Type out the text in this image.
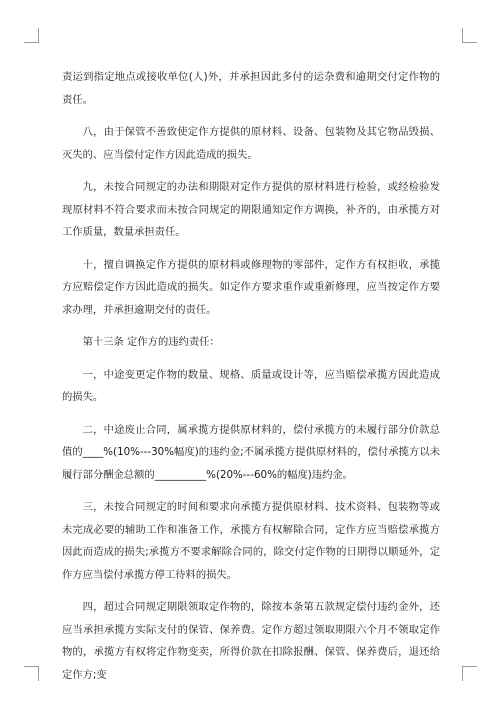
责运到指定地点或接收单位(人)外，并承担因此多付的运杂费和逾期交付定作物的责任。

八，由于保管不善致使定作方提供的原材料、设备、包装物及其它物品毁损、灭失的、应当偿付定作方因此造成的损失。

九，未按合同规定的办法和期限对定作方提供的原材料进行检验，或经检验发现原材料不符合要求而未按合同规定的期限通知定作方调换，补齐的，由承揽方对工作质量，数量承担责任。

十，擅自调换定作方提供的原材料或修理物的零部件，定作方有权拒收，承揽方应赔偿定作方因此造成的损失。如定作方要求重作或重新修理，应当按定作方要求办理，并承担逾期交付的责任。

第十三条 定作方的违约责任：

一，中途变更定作物的数量、规格、质量或设计等，应当赔偿承揽方因此造成的损失。

二，中途废止合同，属承揽方提供原材料的，偿付承揽方的未履行部分价款总值的____%(10%---30%幅度)的违约金;不属承揽方提供原材料的，偿付承揽方以未履行部分酬金总额的__________%(20%---60%的幅度)违约金。

三，未按合同规定的时间和要求向承揽方提供原材料、技术资料、包装物等或未完成必要的辅助工作和准备工作，承揽方有权解除合同，定作方应当赔偿承揽方因此而造成的损失;承揽方不要求解除合同的，除交付定作物的日期得以顺延外，定作方应当偿付承揽方停工待料的损失。

四，超过合同规定期限领取定作物的，除按本条第五款规定偿付违约金外，还应当承担承揽方实际支付的保管、保养费。定作方超过领取期限六个月不领取定作物的，承揽方有权将定作物变卖，所得价款在扣除报酬、保管、保养费后，退还给定作方;变
